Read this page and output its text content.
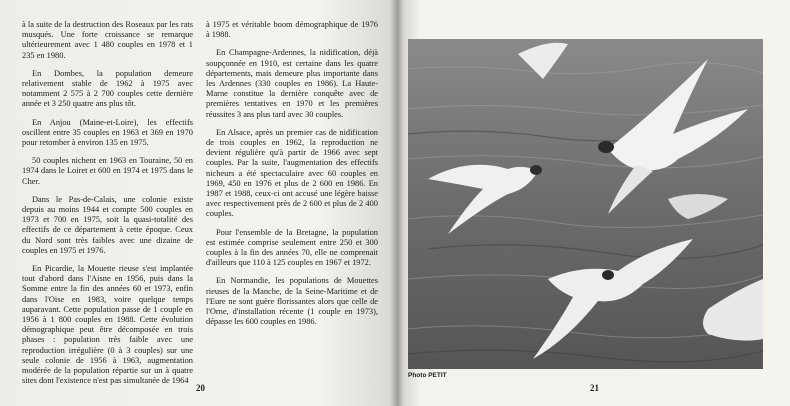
à la suite de la destruction des Roseaux par les rats musqués. Une forte croissance se remarque ultérieurement avec 1 480 couples en 1978 et 1 235 en 1980.

En Dombes, la population demeure relativement stable de 1962 à 1975 avec notamment 2 575 à 2 700 couples cette dernière année et 3 250 quatre ans plus tôt.

En Anjou (Maine-et-Loire), les effectifs oscillent entre 35 couples en 1963 et 369 en 1970 pour retomber à environ 135 en 1975.

50 couples nichent en 1963 en Touraine, 50 en 1974 dans le Loiret et 600 en 1974 et 1975 dans le Cher.

Dans le Pas-de-Calais, une colonie existe depuis au moins 1944 et compte 500 couples en 1973 et 700 en 1975, soit la quasi-totalité des effectifs de ce département à cette époque. Ceux du Nord sont très faibles avec une dizaine de couples en 1975 et 1976.

En Picardie, la Mouette rieuse s'est implantée tout d'abord dans l'Aisne en 1956, puis dans la Somme entre la fin des années 60 et 1973, enfin dans l'Oise en 1983, voire quelque temps auparavant. Cette population passe de 1 couple en 1956 à 1 800 couples en 1988. Cette évolution démographique peut être décomposée en trois phases : population très faible avec une reproduction irrégulière (0 à 3 couples) sur une seule colonie de 1956 à 1963, augmentation modérée de la population répartie sur un à quatre sites dont l'existence n'est pas simultanée de 1964

à 1975 et véritable boom démographique de 1976 à 1988.

En Champagne-Ardennes, la nidification, déjà soupçonnée en 1910, est certaine dans les quatre départements, mais demeure plus importante dans les Ardennes (330 couples en 1986). La Haute-Marne constitue la dernière conquête avec de premières tentatives en 1970 et les premières réussites 3 ans plus tard avec 30 couples.

En Alsace, après un premier cas de nidification de trois couples en 1962, la reproduction ne devient régulière qu'à partir de 1966 avec sept couples. Par la suite, l'augmentation des effectifs nicheurs a été spectaculaire avec 60 couples en 1969, 450 en 1976 et plus de 2 600 en 1986. En 1987 et 1988, ceux-ci ont accusé une légère baisse avec respectivement près de 2 600 et plus de 2 400 couples.

Pour l'ensemble de la Bretagne, la population est estimée comprise seulement entre 250 et 300 couples à la fin des années 70, elle ne comprenait d'ailleurs que 110 à 125 couples en 1967 et 1972.

En Normandie, les populations de Mouettes rieuses de la Manche, de la Seine-Maritime et de l'Eure ne sont guère florissantes alors que celle de l'Orne, d'installation récente (1 couple en 1973), dépasse les 600 couples en 1986.

20	21
Photo PETIT
